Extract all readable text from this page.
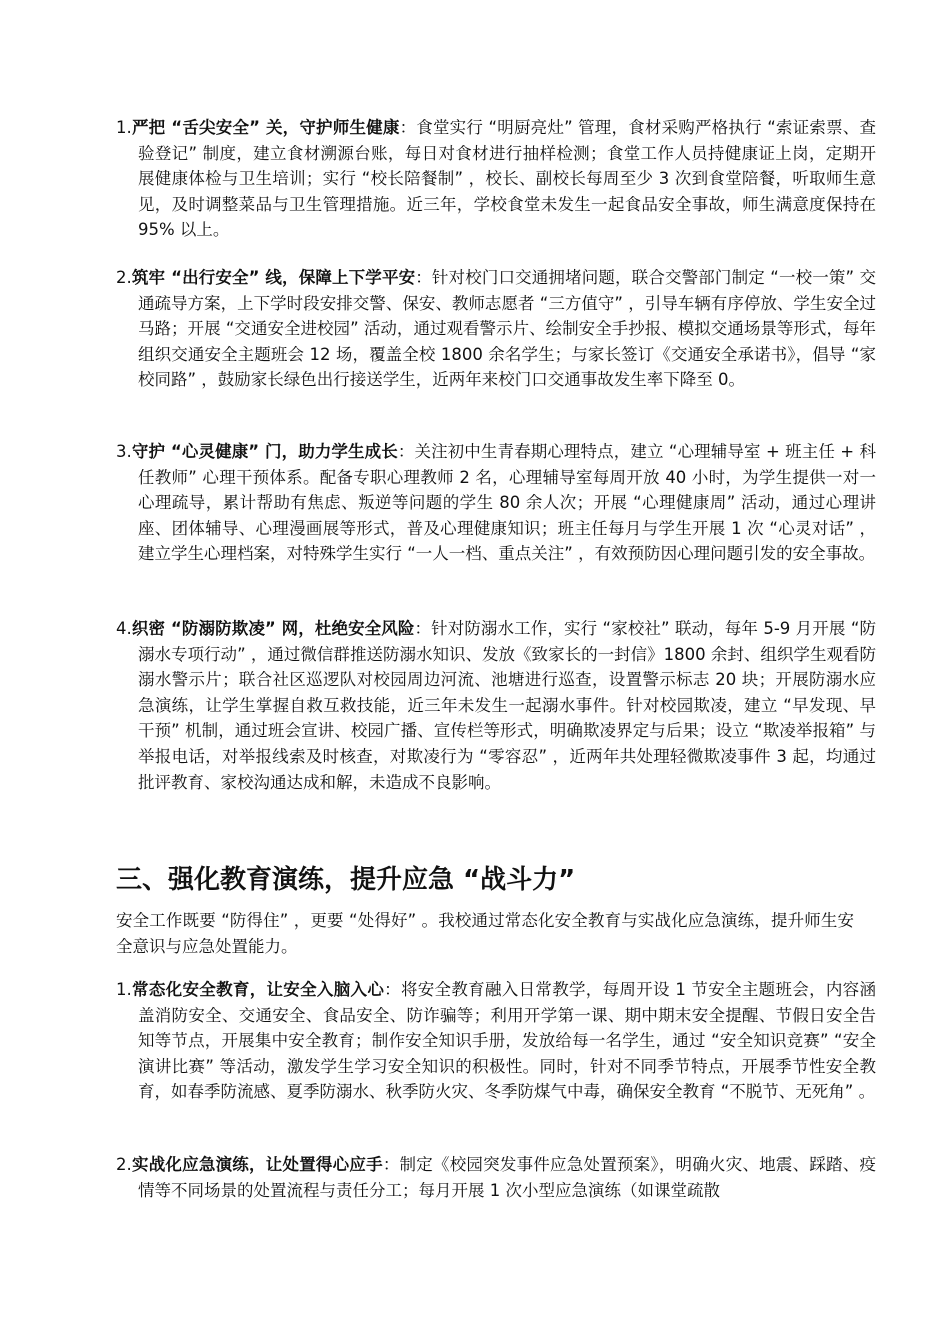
1.严把 “舌尖安全” 关，守护师生健康：食堂实行 “明厨亮灶” 管理，食材采购严格执行 “索证索票、查验登记” 制度，建立食材溯源台账，每日对食材进行抽样检测；食堂工作人员持健康证上岗，定期开展健康体检与卫生培训；实行 “校长陪餐制” ，校长、副校长每周至少 3 次到食堂陪餐，听取师生意见，及时调整菜品与卫生管理措施。近三年，学校食堂未发生一起食品安全事故，师生满意度保持在 95% 以上。

2.筑牢 “出行安全” 线，保障上下学平安：针对校门口交通拥堵问题，联合交警部门制定 “一校一策” 交通疏导方案，上下学时段安排交警、保安、教师志愿者 “三方值守” ，引导车辆有序停放、学生安全过马路；开展 “交通安全进校园” 活动，通过观看警示片、绘制安全手抄报、模拟交通场景等形式，每年组织交通安全主题班会 12 场，覆盖全校 1800 余名学生；与家长签订《交通安全承诺书》，倡导 “家校同路” ，鼓励家长绿色出行接送学生，近两年来校门口交通事故发生率下降至 0。

3.守护 “心灵健康” 门，助力学生成长：关注初中生青春期心理特点，建立 “心理辅导室 + 班主任 + 科任教师” 心理干预体系。配备专职心理教师 2 名，心理辅导室每周开放 40 小时，为学生提供一对一心理疏导，累计帮助有焦虑、叛逆等问题的学生 80 余人次；开展 “心理健康周” 活动，通过心理讲座、团体辅导、心理漫画展等形式，普及心理健康知识；班主任每月与学生开展 1 次 “心灵对话” ，建立学生心理档案，对特殊学生实行 “一人一档、重点关注” ，有效预防因心理问题引发的安全事故。

4.织密 “防溺防欺凌” 网，杜绝安全风险：针对防溺水工作，实行 “家校社” 联动，每年 5-9 月开展 “防溺水专项行动” ，通过微信群推送防溺水知识、发放《致家长的一封信》1800 余封、组织学生观看防溺水警示片；联合社区巡逻队对校园周边河流、池塘进行巡查，设置警示标志 20 块；开展防溺水应急演练，让学生掌握自救互救技能，近三年未发生一起溺水事件。针对校园欺凌，建立 “早发现、早干预” 机制，通过班会宣讲、校园广播、宣传栏等形式，明确欺凌界定与后果；设立 “欺凌举报箱” 与举报电话，对举报线索及时核查，对欺凌行为 “零容忍” ，近两年共处理轻微欺凌事件 3 起，均通过批评教育、家校沟通达成和解，未造成不良影响。

三、强化教育演练，提升应急 “战斗力”

安全工作既要 “防得住” ，更要 “处得好” 。我校通过常态化安全教育与实战化应急演练，提升师生安全意识与应急处置能力。

1.常态化安全教育，让安全入脑入心：将安全教育融入日常教学，每周开设 1 节安全主题班会，内容涵盖消防安全、交通安全、食品安全、防诈骗等；利用开学第一课、期中期末安全提醒、节假日安全告知等节点，开展集中安全教育；制作安全知识手册，发放给每一名学生，通过 “安全知识竞赛” “安全演讲比赛” 等活动，激发学生学习安全知识的积极性。同时，针对不同季节特点，开展季节性安全教育，如春季防流感、夏季防溺水、秋季防火灾、冬季防煤气中毒，确保安全教育 “不脱节、无死角” 。

2.实战化应急演练，让处置得心应手：制定《校园突发事件应急处置预案》，明确火灾、地震、踩踏、疫情等不同场景的处置流程与责任分工；每月开展 1 次小型应急演练（如课堂疏散
